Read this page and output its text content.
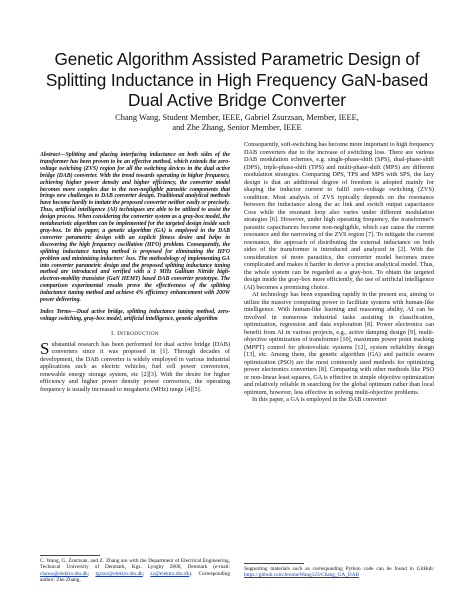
Genetic Algorithm Assisted Parametric Design of Splitting Inductance in High Frequency GaN-based Dual Active Bridge Converter
Chang Wang, Student Member, IEEE, Gabriel Zsurzsan, Member, IEEE,
and Zhe Zhang, Senior Member, IEEE

Abstract—Splitting and placing interfacing inductance on both sides of the transformer has been proven to be an effective method, which extends the zero-voltage switching (ZVS) region for all the switching devices in the dual active bridge (DAB) converter. With the trend towards operating in higher frequency, achieving higher power density and higher efficiency, the converter model becomes more complex due to the non-negligible parasitic components that brings new challenges to DAB converter design. Traditional analytical methods have become hardly to imitate the proposed converter neither easily or precisely. Thus, artificial intelligence (AI) techniques are able to be utilized to assist the design process. When considering the converter system as a gray-box model, the metaheuristic algorithm can be implemented for the targeted design inside such gray-box. In this paper, a genetic algorithm (GA) is employed in the DAB converter parametric design with an explicit fitness desire and helps in discovering the high frequency oscillation (HFO) problem. Consequently, the splitting inductance tuning method is proposed for eliminating the HFO problem and minimizing inductors' loss. The methodology of implementing GA into converter parametric design and the proposed splitting inductance tuning method are introduced and verified with a 1 MHz Gallium Nitride high-electron-mobility transistor (GaN HEMT) based DAB converter prototype. The comparison experimental results prove the effectiveness of the splitting inductance tuning method and achieve 4% efficiency enhancement with 200W power delivering.

Index Terms—Dual active bridge, splitting inductance tuning method, zero-voltage switching, gray-box model, artificial intelligence, genetic algorithm

I. INTRODUCTION

Substantial research has been performed for dual active bridge (DAB) converters since it was proposed in [1]. Through decades of development, the DAB converter is widely employed in various industrial applications such as electric vehicles, fuel cell power conversion, renewable energy storage system, etc [2][3]. With the desire for higher efficiency and higher power density power converters, the operating frequency is usually increased to megahertz (MHz) range [4][5].

C. Wang, G. Zsurzsan, and Z. Zhang are with the Department of Electrical Engineering, Technical University of Denmark, Kgs. Lyngby 2800, Denmark (e-mail: chawa@elektro.dtu.dk; tgzsur@elektro.dtu.dk; zz@elektro.dtu.dk). Corresponding author: Zhe Zhang.

Consequently, soft-switching has become more important to high frequency DAB converters due to the increase of switching loss. There are various DAB modulation schemes, e.g. single-phase-shift (SPS), dual-phase-shift (DPS), triple-phase-shift (TPS) and multi-phase-shift (MPS) are different modulation strategies. Comparing DPS, TPS and MPS with SPS, the lazy design is that an additional degree of freedom is adopted mainly for shaping the inductor current to fulfil zero-voltage switching (ZVS) condition. Most analysis of ZVS typically depends on the resonance between the inductance along the ac link and switch output capacitance Coss while the resonant loop also varies under different modulation strategies [6]. However, under high operating frequency, the transformer's parasitic capacitances become non-negligible, which can cause the current resonance and the narrowing of the ZVS region [7]. To mitigate the current resonance, the approach of distributing the external inductance on both sides of the transformer is introduced and analyzed in [2]. With the consideration of more parasitics, the converter model becomes more complicated and makes it harder to derive a precise analytical model. Thus, the whole system can be regarded as a gray-box. To obtain the targeted design inside the gray-box more efficiently, the use of artificial intelligence (AI) becomes a promising choice.

AI technology has been expanding rapidly in the present era, aiming to utilize the massive computing power to facilitate systems with human-like intelligence. With human-like learning and reasoning ability, AI can be involved in numerous industrial tasks assisting in classification, optimization, regression and data exploration [8]. Power electronics can benefit from AI in various projects, e.g., active damping design [9], multi-objective optimization of transformer [10], maximum power point tracking (MPPT) control for photovoltaic systems [12], system reliability design [13], etc. Among them, the genetic algorithm (GA) and particle swarm optimization (PSO) are the most commonly used methods for optimizing power electronics converters [8]. Comparing with other methods like PSO or non-linear least squares, GA is effective in simple objective optimization and relatively reliable in searching for the global optimum rather than local optimum, however, less effective in solving multi-objective problems.

In this paper, a GA is employed in the DAB converter

Supporting materials such as corresponding Python code can be found in GitHub: https://github.com/JeromeWang123/Chang_GA_DAB
